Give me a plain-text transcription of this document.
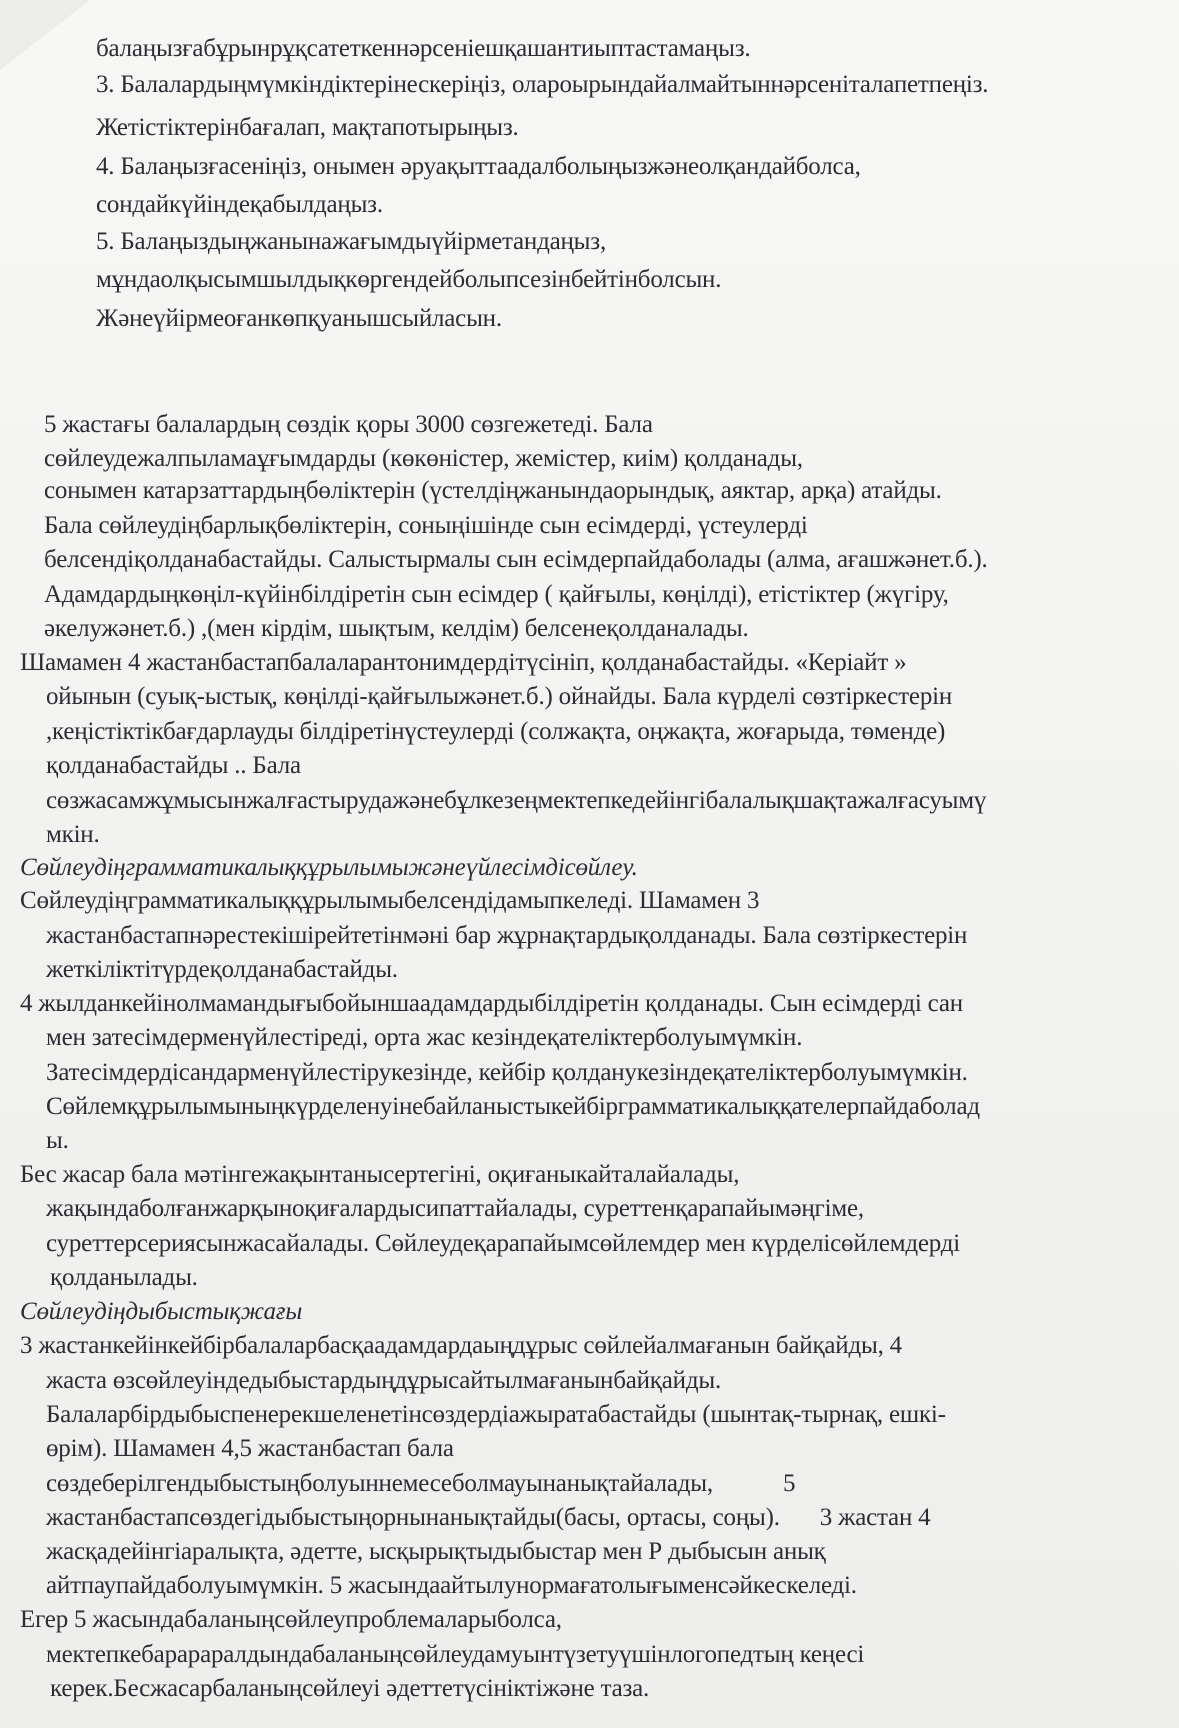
балаңызғабұрынрұқсатеткеннәрсеніешқашантиыптастамаңыз.
3. Балалардыңмүмкіндіктерінескеріңіз, олароырындайалмайтыннәрсеніталапетпеңіз.
Жетістіктерінбағалап, мақтапотырыңыз.
4. Балаңызғасеніңіз, онымен әруақыттаадалболыңызжәнеолқандайболса,
сондайкүйіндеқабылдаңыз.
5. Балаңыздыңжанынажағымдыүйірметандаңыз,
мұндаолқысымшылдықкөргендейболыпсезінбейтінболсын.
Жәнеүйірмеоғанкөпқуанышсыйласын.
5 жастағы балалардың сөздік қоры 3000 сөзгежетеді. Бала
сөйлеудежалпыламаұғымдарды (көкөністер, жемістер, киім) қолданады,
сонымен катарзаттардыңбөліктерін (үстелдіңжанындаорындық, аяктар, арқа) атайды.
Бала сөйлеудіңбарлықбөліктерін, соныңішінде сын есімдерді, үстеулерді
белсендіқолданабастайды. Салыстырмалы сын есімдерпайдаболады (алма, ағашжәнет.б.).
Адамдардыңкөңіл-күйінбілдіретін сын есімдер ( қайғылы, көңілді), етістіктер (жүгіру,
әкелужәнет.б.) ,(мен кірдім, шықтым, келдім) белсенеқолданалады.
Шамамен 4 жастанбастапбалаларантонимдердітүсініп, қолданабастайды. «Керіайт »
ойынын (суық-ыстық, көңілді-қайғылыжәнет.б.) ойнайды. Бала күрделі сөзтіркестерін
,кеңістіктікбағдарлауды білдіретінүстеулерді (солжақта, оңжақта, жоғарыда, төменде)
қолданабастайды .. Бала
сөзжасамжұмысынжалғастырудажәнебұлкезеңмектепкедейінгібалалықшақтажалғасуымү
мкін.
Сөйлеудіңграмматикалыққұрылымыжәнеүйлесімдісөйлеу.
Сөйлеудіңграмматикалыққұрылымыбелсендідамыпкеледі. Шамамен 3
жастанбастапнәрестекішірейтетінмәні бар жұрнақтардықолданады. Бала сөзтіркестерін
жеткіліктітүрдеқолданабастайды.
4 жылданкейінолмамандығыбойыншаадамдардыбілдіретін қолданады. Сын есімдерді сан
мен затесімдерменүйлестіреді, орта жас кезіндеқателіктерболуымүмкін.
Затесімдердісандарменүйлестірукезінде, кейбір қолданукезіндеқателіктерболуымүмкін.
Сөйлемқұрылымыныңкүрделенуінебайланыстыкейбірграмматикалыққателерпайдаболад
ы.
Бес жасар бала мәтінгежақынтанысертегіні, оқиғаныкайталайалады,
жақындаболғанжарқыноқиғалардысипаттайалады, суреттенқарапайымәңгіме,
суреттерсериясынжасайалады. Сөйлеудеқарапайымсөйлемдер мен күрделісөйлемдерді
қолданылады.
Сөйлеудіңдыбыстықжағы
3 жастанкейінкейбірбалаларбасқаадамдардаыңдұрыс сөйлейалмағанын байқайды, 4
жаста өзсөйлеуіндедыбыстардыңдұрысайтылмағанынбайқайды.
Балаларбірдыбыспенерекшеленетінсөздердіажыратабастайды (шынтақ-тырнақ, ешкі-
өрім). Шамамен 4,5 жастанбастап бала
сөздеберілгендыбыстыңболуыннемесеболмауынанықтайалады,	5
жастанбастапсөздегідыбыстыңорнынанықтайды(басы, ортасы, соңы). 3 жастан 4
жасқадейінгіаралықта, әдетте, ысқырықтыдыбыстар мен Р дыбысын анық
айтпаупайдаболуымүмкін. 5 жасындаайтылунормағатолығыменсәйкескеледі.
Егер 5 жасындабаланыңсөйлеупроблемаларыболса,
мектепкебарараралдындабаланыңсөйлеудамуынтүзетуүшінлогопедтың кеңесі
керек.Бесжасарбаланыңсөйлеуі әдеттетүсініктіжәне таза.
